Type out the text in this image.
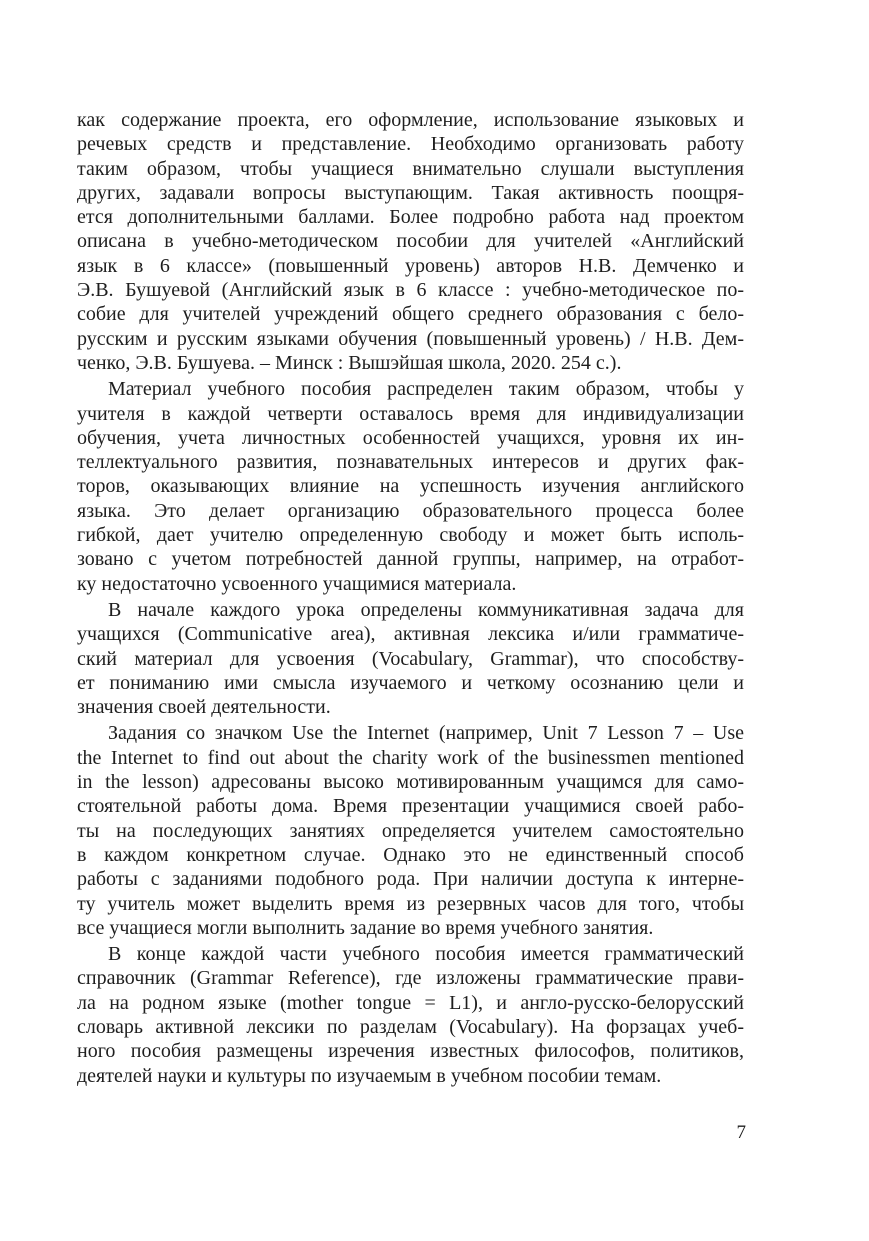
как содержание проекта, его оформление, использование языковых и
речевых средств и представление. Необходимо организовать работу
таким образом, чтобы учащиеся внимательно слушали выступления
других, задавали вопросы выступающим. Такая активность поощря-
ется дополнительными баллами. Более подробно работа над проектом
описана в учебно-методическом пособии для учителей «Английский
язык в 6 классе» (повышенный уровень) авторов Н.В. Демченко и
Э.В. Бушуевой (Английский язык в 6 классе : учебно-методическое по-
собие для учителей учреждений общего среднего образования с бело-
русским и русским языками обучения (повышенный уровень) / Н.В. Дем-
ченко, Э.В. Бушуева. – Минск : Вышэйшая школа, 2020. 254 с.).
Материал учебного пособия распределен таким образом, чтобы у
учителя в каждой четверти оставалось время для индивидуализации
обучения, учета личностных особенностей учащихся, уровня их ин-
теллектуального развития, познавательных интересов и других фак-
торов, оказывающих влияние на успешность изучения английского
языка. Это делает организацию образовательного процесса более
гибкой, дает учителю определенную свободу и может быть исполь-
зовано с учетом потребностей данной группы, например, на отработ-
ку недостаточно усвоенного учащимися материала.
В начале каждого урока определены коммуникативная задача для
учащихся (Communicative area), активная лексика и/или грамматиче-
ский материал для усвоения (Vocabulary, Grammar), что способству-
ет пониманию ими смысла изучаемого и четкому осознанию цели и
значения своей деятельности.
Задания со значком Use the Internet (например, Unit 7 Lesson 7 – Use
the Internet to find out about the charity work of the businessmen mentioned
in the lesson) адресованы высоко мотивированным учащимся для само-
стоятельной работы дома. Время презентации учащимися своей рабо-
ты на последующих занятиях определяется учителем самостоятельно
в каждом конкретном случае. Однако это не единственный способ
работы с заданиями подобного рода. При наличии доступа к интерне-
ту учитель может выделить время из резервных часов для того, чтобы
все учащиеся могли выполнить задание во время учебного занятия.
В конце каждой части учебного пособия имеется грамматический
справочник (Grammar Reference), где изложены грамматические прави-
ла на родном языке (mother tongue = L1), и англо-русско-белорусский
словарь активной лексики по разделам (Vocabulary). На форзацах учеб-
ного пособия размещены изречения известных философов, политиков,
деятелей науки и культуры по изучаемым в учебном пособии темам.
7
